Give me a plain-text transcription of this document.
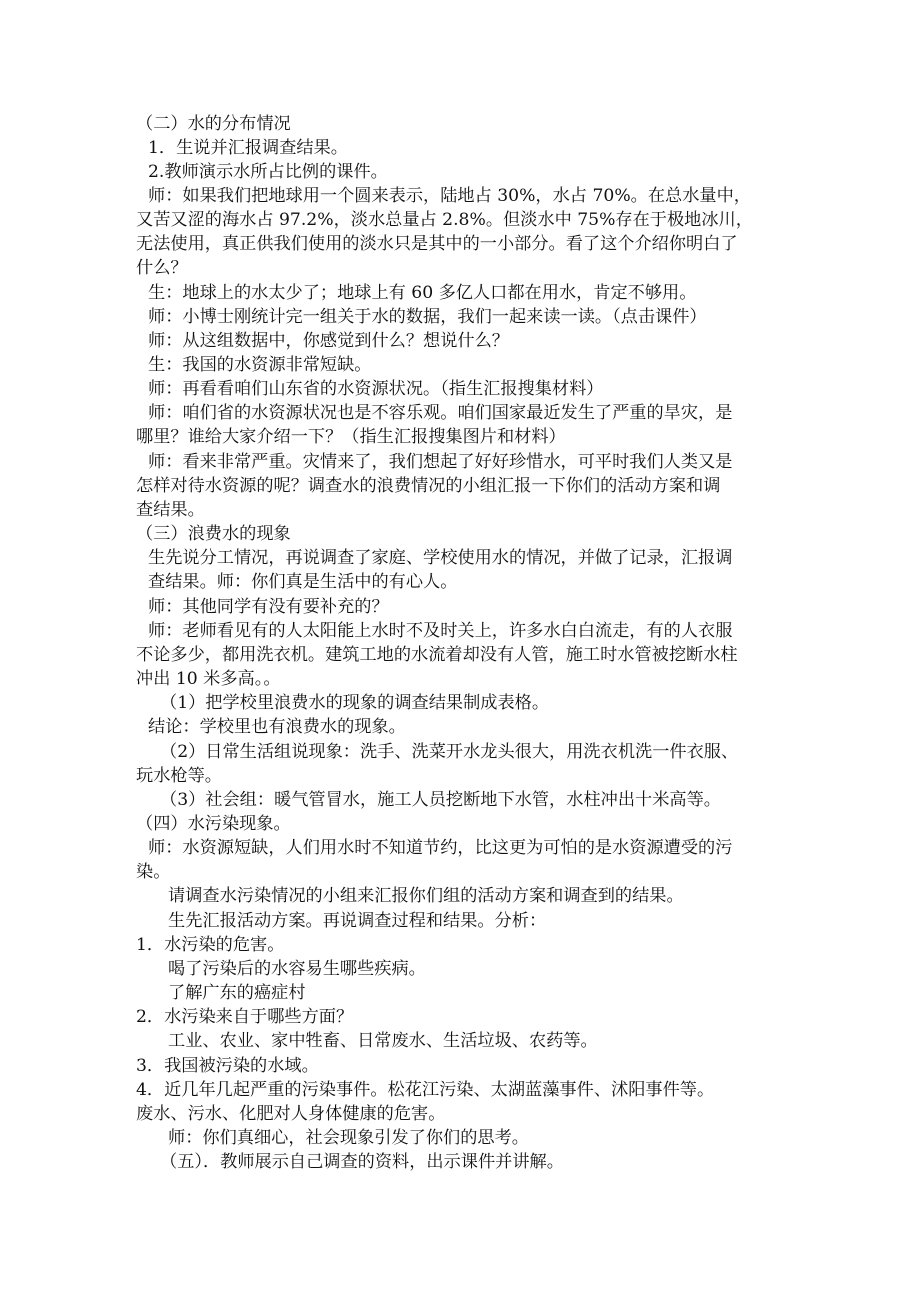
（二）水的分布情况
1．生说并汇报调查结果。
2.教师演示水所占比例的课件。
师：如果我们把地球用一个圆来表示，陆地占 30%，水占 70%。在总水量中，
又苦又涩的海水占 97.2%，淡水总量占 2.8%。但淡水中 75%存在于极地冰川，
无法使用，真正供我们使用的淡水只是其中的一小部分。看了这个介绍你明白了
什么？
生：地球上的水太少了；地球上有 60 多亿人口都在用水，肯定不够用。
师：小博士刚统计完一组关于水的数据，我们一起来读一读。（点击课件）
师：从这组数据中，你感觉到什么？想说什么？
生：我国的水资源非常短缺。
师：再看看咱们山东省的水资源状况。（指生汇报搜集材料）
师：咱们省的水资源状况也是不容乐观。咱们国家最近发生了严重的旱灾，是
哪里？谁给大家介绍一下？（指生汇报搜集图片和材料）
师：看来非常严重。灾情来了，我们想起了好好珍惜水，可平时我们人类又是
怎样对待水资源的呢？调查水的浪费情况的小组汇报一下你们的活动方案和调
查结果。
（三）浪费水的现象
生先说分工情况，再说调查了家庭、学校使用水的情况，并做了记录，汇报调
查结果。师：你们真是生活中的有心人。
师：其他同学有没有要补充的？
师：老师看见有的人太阳能上水时不及时关上，许多水白白流走，有的人衣服
不论多少，都用洗衣机。建筑工地的水流着却没有人管，施工时水管被挖断水柱
冲出 10 米多高。。
（1）把学校里浪费水的现象的调查结果制成表格。
结论：学校里也有浪费水的现象。
（2）日常生活组说现象：洗手、洗菜开水龙头很大，用洗衣机洗一件衣服、
玩水枪等。
（3）社会组：暖气管冒水，施工人员挖断地下水管，水柱冲出十米高等。
（四）水污染现象。
师：水资源短缺，人们用水时不知道节约，比这更为可怕的是水资源遭受的污
染。
请调查水污染情况的小组来汇报你们组的活动方案和调查到的结果。
生先汇报活动方案。再说调查过程和结果。分析：
1．水污染的危害。
喝了污染后的水容易生哪些疾病。
了解广东的癌症村
2．水污染来自于哪些方面？
工业、农业、家中牲畜、日常废水、生活垃圾、农药等。
3．我国被污染的水域。
4．近几年几起严重的污染事件。松花江污染、太湖蓝藻事件、沭阳事件等。
废水、污水、化肥对人身体健康的危害。
师：你们真细心，社会现象引发了你们的思考。
（五）．教师展示自己调查的资料，出示课件并讲解。
